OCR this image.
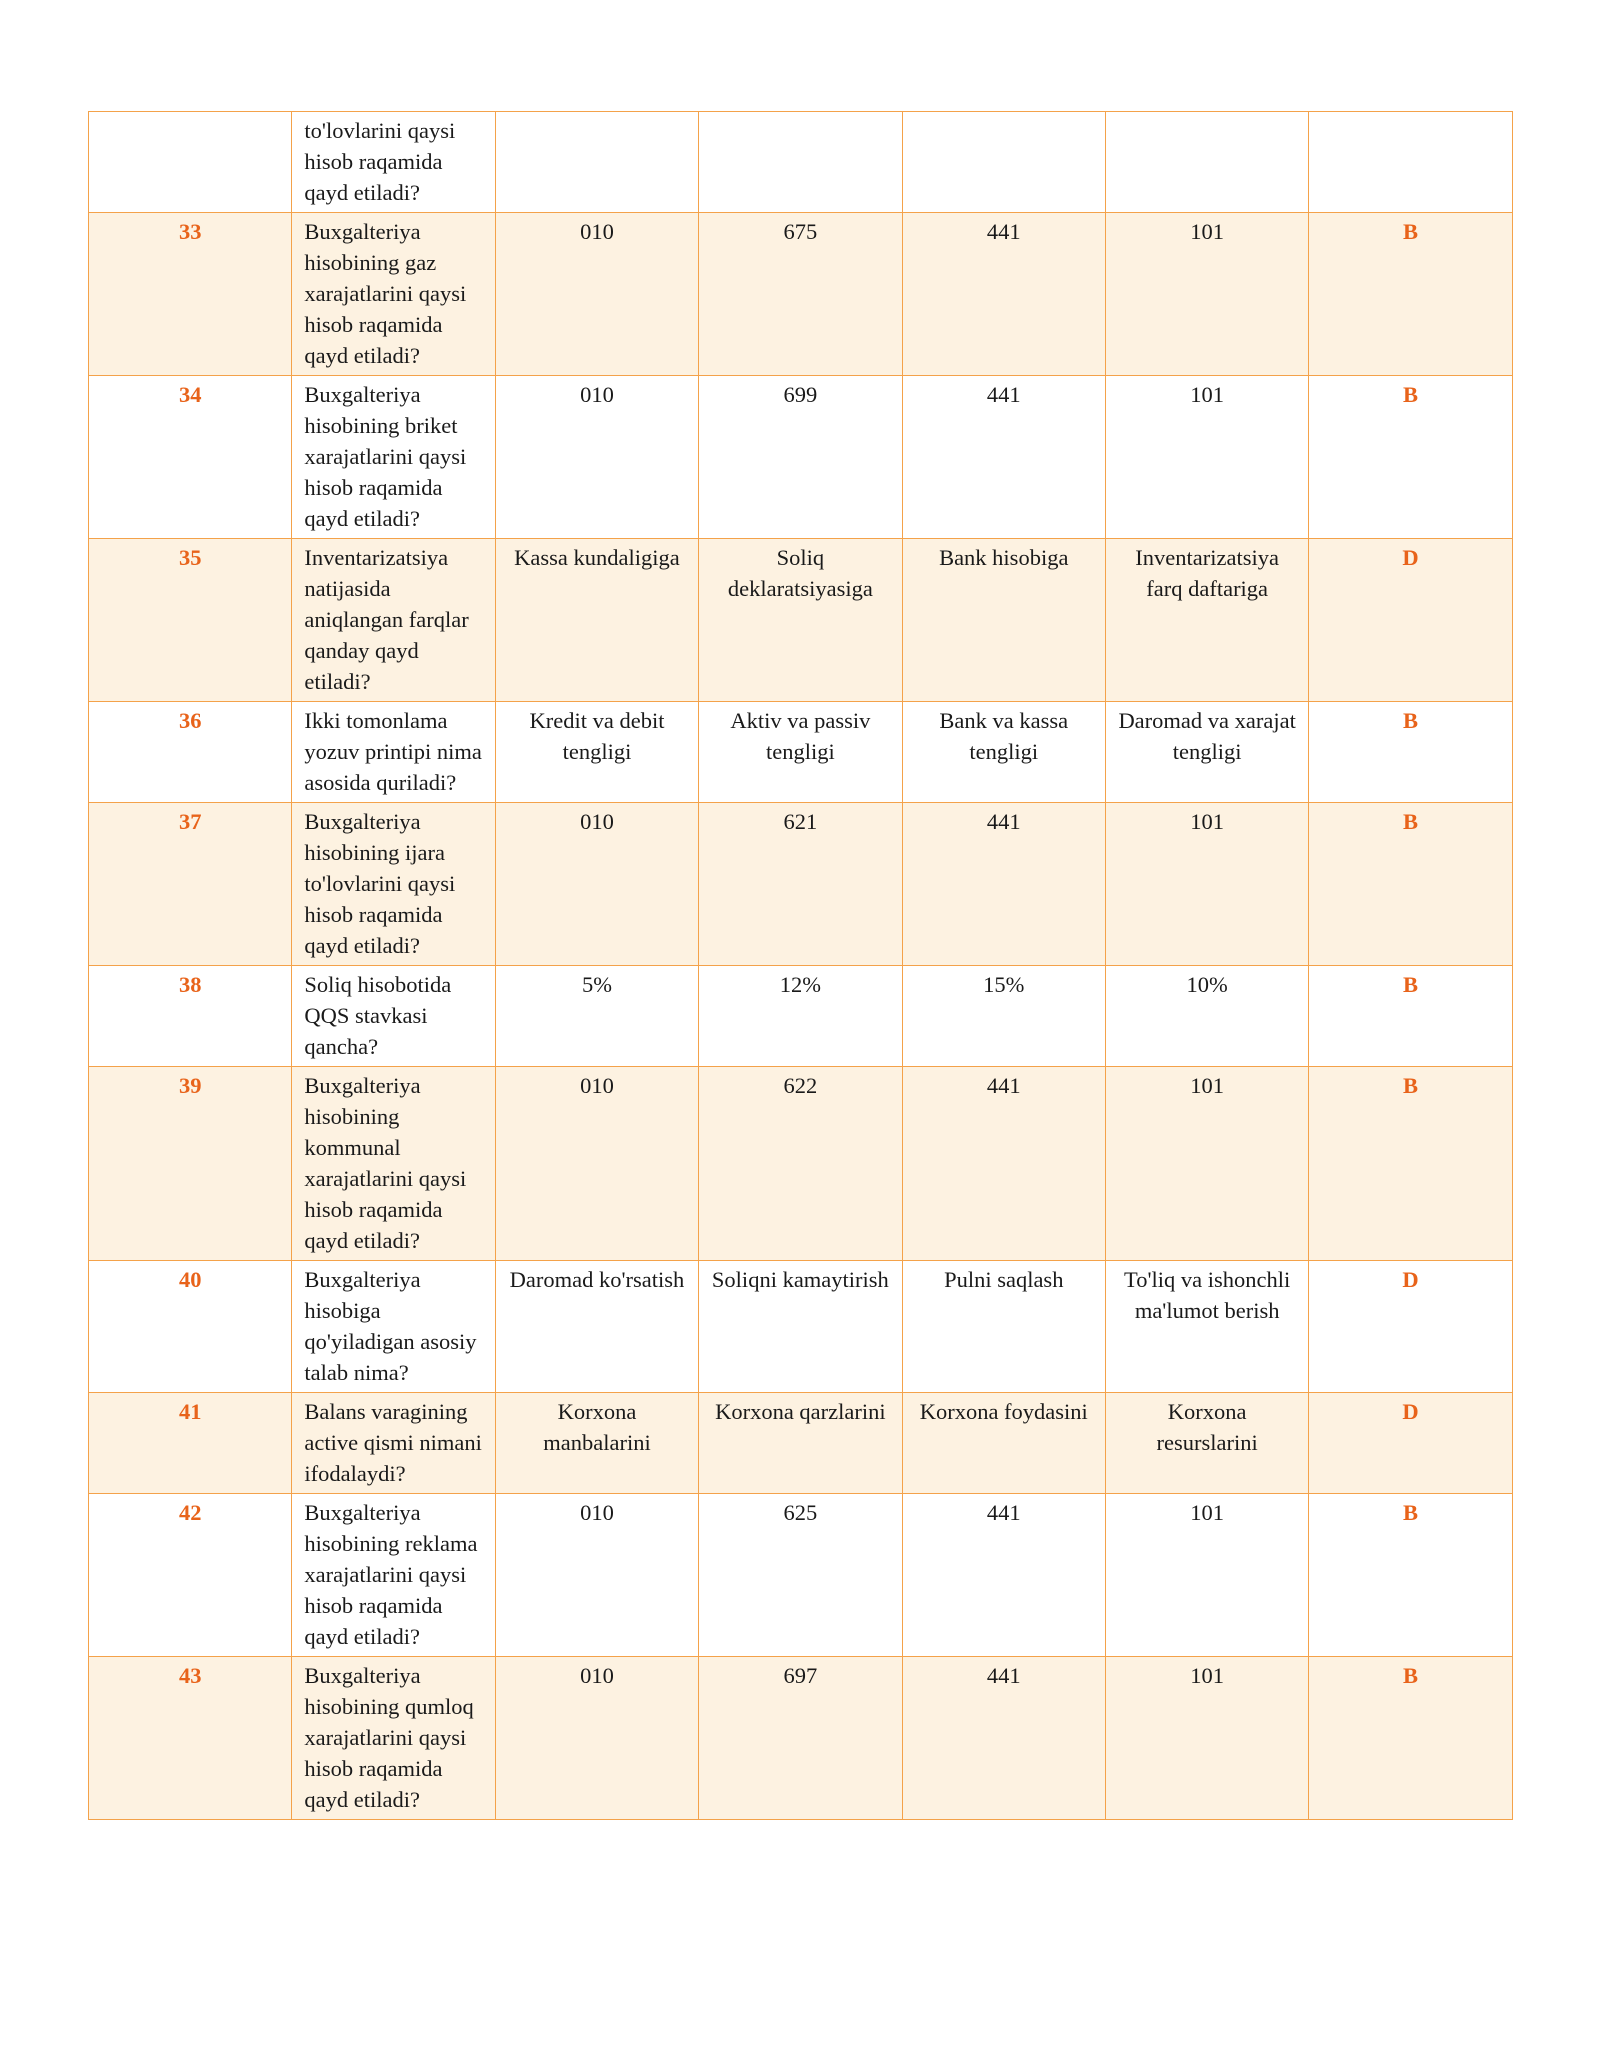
	to'lovlarini qaysi hisob raqamida qayd etiladi?					
33	Buxgalteriya hisobining gaz xarajatlarini qaysi hisob raqamida qayd etiladi?	010	675	441	101	B
34	Buxgalteriya hisobining briket xarajatlarini qaysi hisob raqamida qayd etiladi?	010	699	441	101	B
35	Inventarizatsiya natijasida aniqlangan farqlar qanday qayd etiladi?	Kassa kundaligiga	Soliq deklaratsiyasiga	Bank hisobiga	Inventarizatsiya farq daftariga	D
36	Ikki tomonlama yozuv printipi nima asosida quriladi?	Kredit va debit tengligi	Aktiv va passiv tengligi	Bank va kassa tengligi	Daromad va xarajat tengligi	B
37	Buxgalteriya hisobining ijara to'lovlarini qaysi hisob raqamida qayd etiladi?	010	621	441	101	B
38	Soliq hisobotida QQS stavkasi qancha?	5%	12%	15%	10%	B
39	Buxgalteriya hisobining kommunal xarajatlarini qaysi hisob raqamida qayd etiladi?	010	622	441	101	B
40	Buxgalteriya hisobiga qo'yiladigan asosiy talab nima?	Daromad ko'rsatish	Soliqni kamaytirish	Pulni saqlash	To'liq va ishonchli ma'lumot berish	D
41	Balans varagining active qismi nimani ifodalaydi?	Korxona manbalarini	Korxona qarzlarini	Korxona foydasini	Korxona resurslarini	D
42	Buxgalteriya hisobining reklama xarajatlarini qaysi hisob raqamida qayd etiladi?	010	625	441	101	B
43	Buxgalteriya hisobining qumloq xarajatlarini qaysi hisob raqamida qayd etiladi?	010	697	441	101	B
